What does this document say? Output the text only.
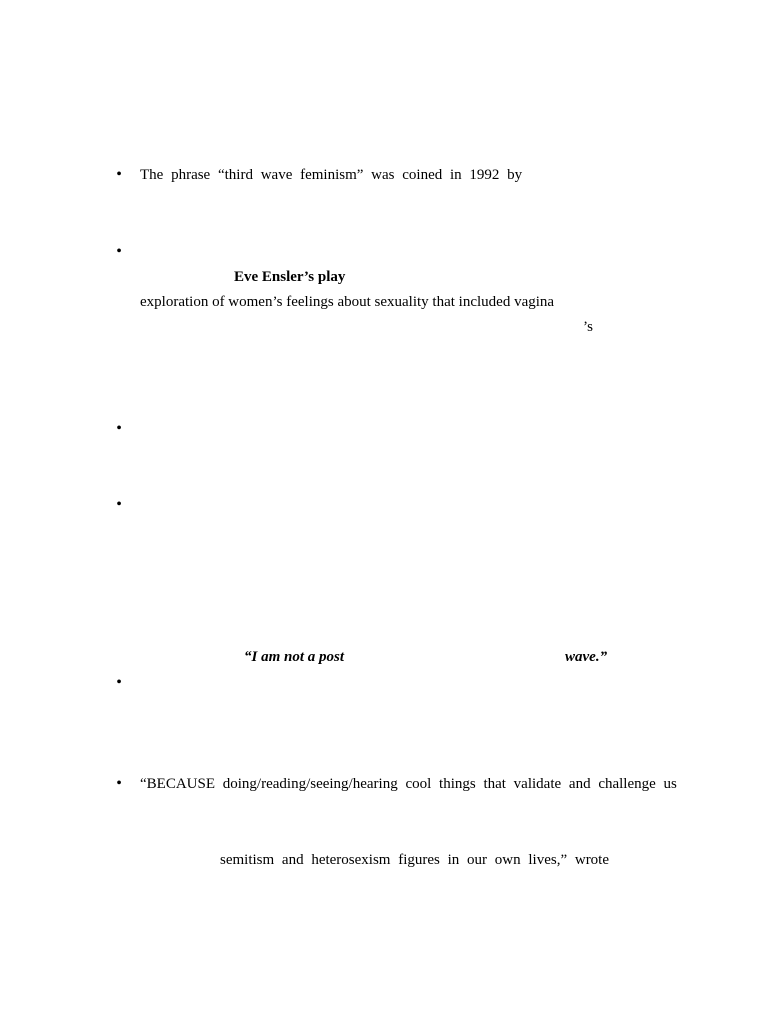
• The phrase “third wave feminism” was coined in 1992 by
•
Eve Ensler’s play
exploration of women’s feelings about sexuality that included vagina
’s
•
•
“I am not a post	wave.”
•
• “BECAUSE doing/reading/seeing/hearing cool things that validate and challenge us
semitism and heterosexism figures in our own lives,” wrote
